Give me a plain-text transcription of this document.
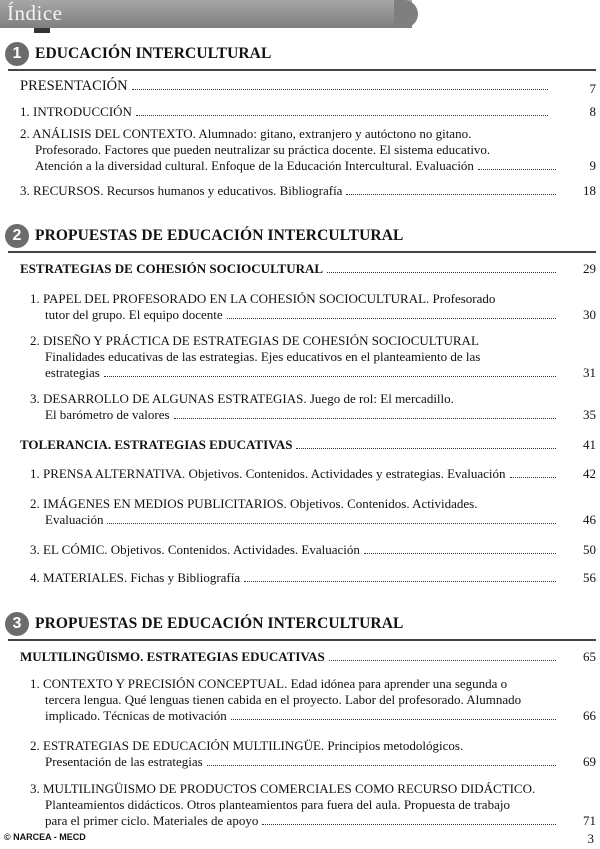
Índice
1 EDUCACIÓN INTERCULTURAL
2 PROPUESTAS DE EDUCACIÓN INTERCULTURAL
3 PROPUESTAS DE EDUCACIÓN INTERCULTURAL
PRESENTACIÓN	7
1. INTRODUCCIÓN	8
2. ANÁLISIS DEL CONTEXTO. Alumnado: gitano, extranjero y autóctono no gitano.
Profesorado. Factores que pueden neutralizar su práctica docente. El sistema educativo.
Atención a la diversidad cultural. Enfoque de la Educación Intercultural. Evaluación	9
3. RECURSOS. Recursos humanos y educativos. Bibliografía	18
ESTRATEGIAS DE COHESIÓN SOCIOCULTURAL	29
1. PAPEL DEL PROFESORADO EN LA COHESIÓN SOCIOCULTURAL. Profesorado
tutor del grupo. El equipo docente	30
2. DISEÑO Y PRÁCTICA DE ESTRATEGIAS DE COHESIÓN SOCIOCULTURAL
Finalidades educativas de las estrategias. Ejes educativos en el planteamiento de las
estrategias	31
3. DESARROLLO DE ALGUNAS ESTRATEGIAS. Juego de rol: El mercadillo.
El barómetro de valores	35
TOLERANCIA. ESTRATEGIAS EDUCATIVAS	41
1. PRENSA ALTERNATIVA. Objetivos. Contenidos. Actividades y estrategias. Evaluación	42
2. IMÁGENES EN MEDIOS PUBLICITARIOS. Objetivos. Contenidos. Actividades.
Evaluación	46
3. EL CÓMIC. Objetivos. Contenidos. Actividades. Evaluación	50
4. MATERIALES. Fichas y Bibliografía	56
MULTILINGÜISMO. ESTRATEGIAS EDUCATIVAS	65
1. CONTEXTO Y PRECISIÓN CONCEPTUAL. Edad idónea para aprender una segunda o
tercera lengua. Qué lenguas tienen cabida en el proyecto. Labor del profesorado. Alumnado
implicado. Técnicas de motivación	66
2. ESTRATEGIAS DE EDUCACIÓN MULTILINGÜE. Principios metodológicos.
Presentación de las estrategias	69
3. MULTILINGÜISMO DE PRODUCTOS COMERCIALES COMO RECURSO DIDÁCTICO.
Planteamientos didácticos. Otros planteamientos para fuera del aula. Propuesta de trabajo
para el primer ciclo. Materiales de apoyo	71
© NARCEA - MECD	3
